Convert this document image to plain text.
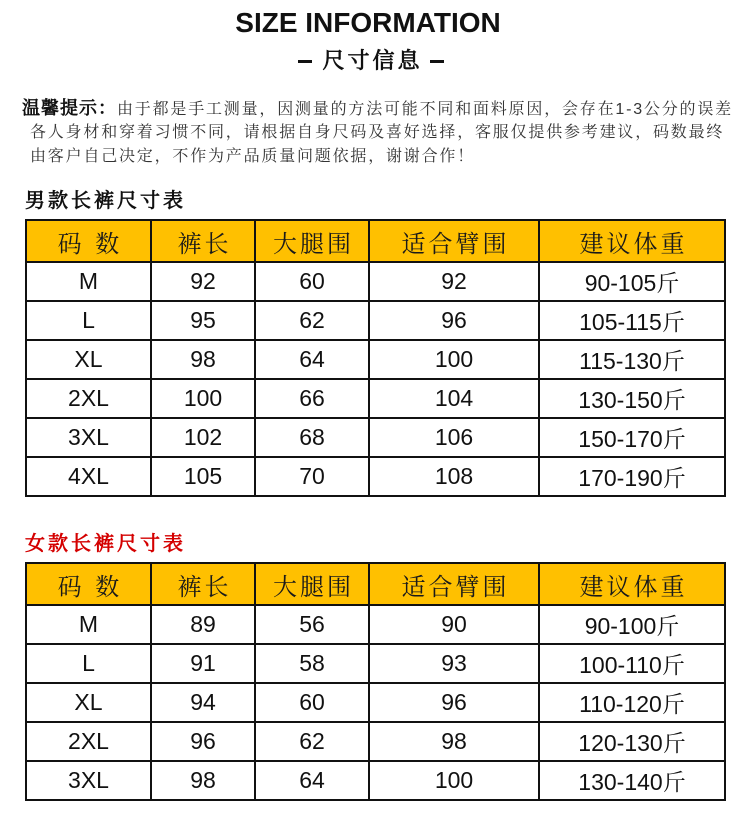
SIZE INFORMATION
尺寸信息
温馨提示：由于都是手工测量，因测量的方法可能不同和面料原因，会存在1-3公分的误差
各人身材和穿着习惯不同，请根据自身尺码及喜好选择，客服仅提供参考建议，码数最终
由客户自己决定，不作为产品质量问题依据，谢谢合作！
男款长裤尺寸表
码 数	裤长	大腿围	适合臂围	建议体重
M	92	60	92	90-105斤
L	95	62	96	105-115斤
XL	98	64	100	115-130斤
2XL	100	66	104	130-150斤
3XL	102	68	106	150-170斤
4XL	105	70	108	170-190斤
女款长裤尺寸表
码 数	裤长	大腿围	适合臂围	建议体重
M	89	56	90	90-100斤
L	91	58	93	100-110斤
XL	94	60	96	110-120斤
2XL	96	62	98	120-130斤
3XL	98	64	100	130-140斤
